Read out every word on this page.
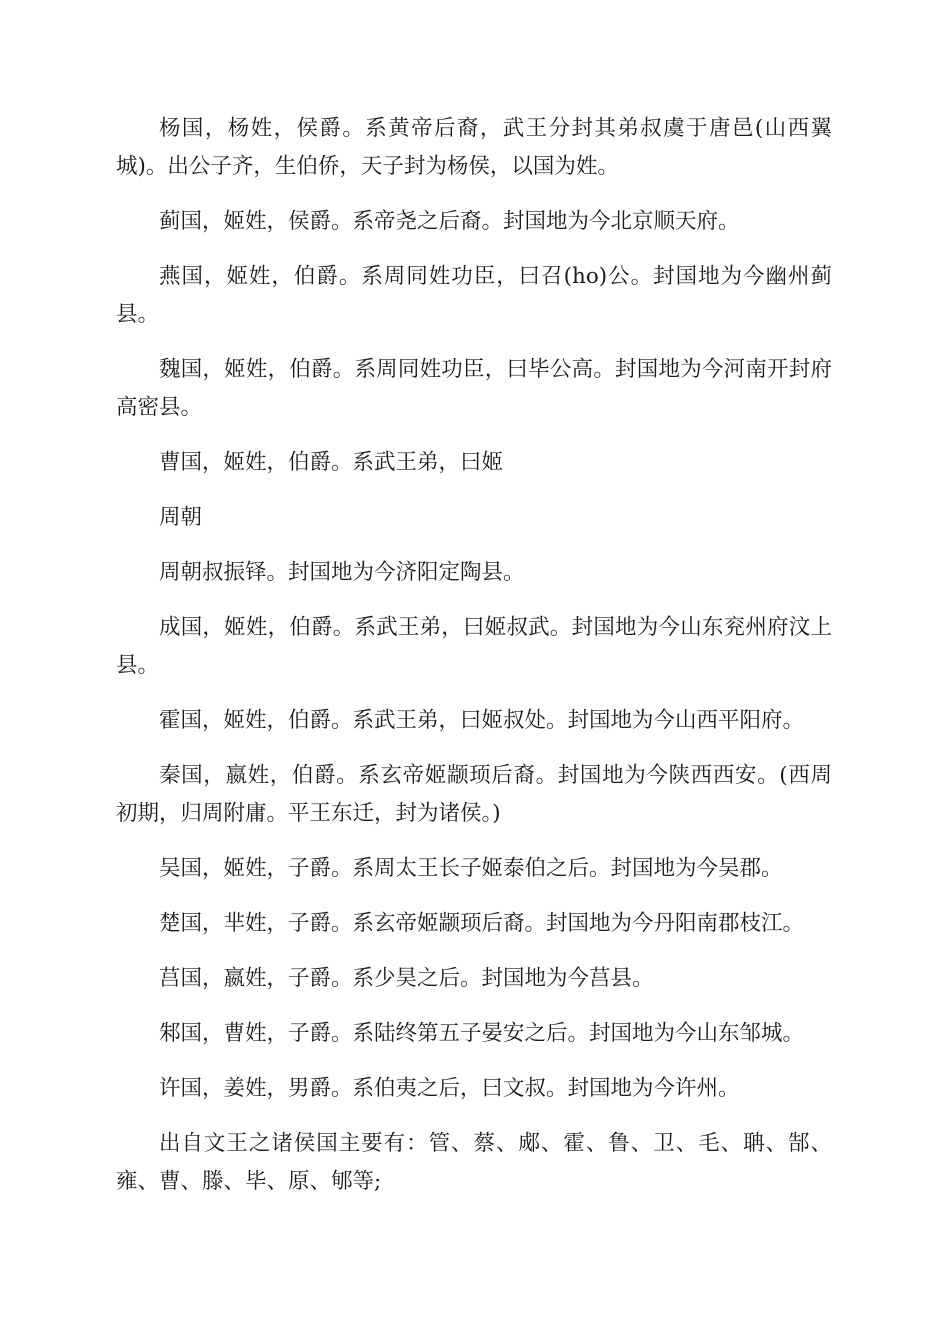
杨国，杨姓，侯爵。系黄帝后裔，武王分封其弟叔虞于唐邑(山西翼城)。出公子齐，生伯侨，天子封为杨侯，以国为姓。

蓟国，姬姓，侯爵。系帝尧之后裔。封国地为今北京顺天府。

燕国，姬姓，伯爵。系周同姓功臣，曰召(ho)公。封国地为今幽州蓟县。

魏国，姬姓，伯爵。系周同姓功臣，曰毕公高。封国地为今河南开封府高密县。

曹国，姬姓，伯爵。系武王弟，曰姬

周朝

周朝叔振铎。封国地为今济阳定陶县。

成国，姬姓，伯爵。系武王弟，曰姬叔武。封国地为今山东兖州府汶上县。

霍国，姬姓，伯爵。系武王弟，曰姬叔处。封国地为今山西平阳府。

秦国，嬴姓，伯爵。系玄帝姬颛顼后裔。封国地为今陕西西安。(西周初期，归周附庸。平王东迁，封为诸侯。)

吴国，姬姓，子爵。系周太王长子姬泰伯之后。封国地为今吴郡。

楚国，芈姓，子爵。系玄帝姬颛顼后裔。封国地为今丹阳南郡枝江。

莒国，嬴姓，子爵。系少昊之后。封国地为今莒县。

邾国，曹姓，子爵。系陆终第五子晏安之后。封国地为今山东邹城。

许国，姜姓，男爵。系伯夷之后，曰文叔。封国地为今许州。

出自文王之诸侯国主要有：管、蔡、郕、霍、鲁、卫、毛、聃、郜、雍、曹、滕、毕、原、郇等;
